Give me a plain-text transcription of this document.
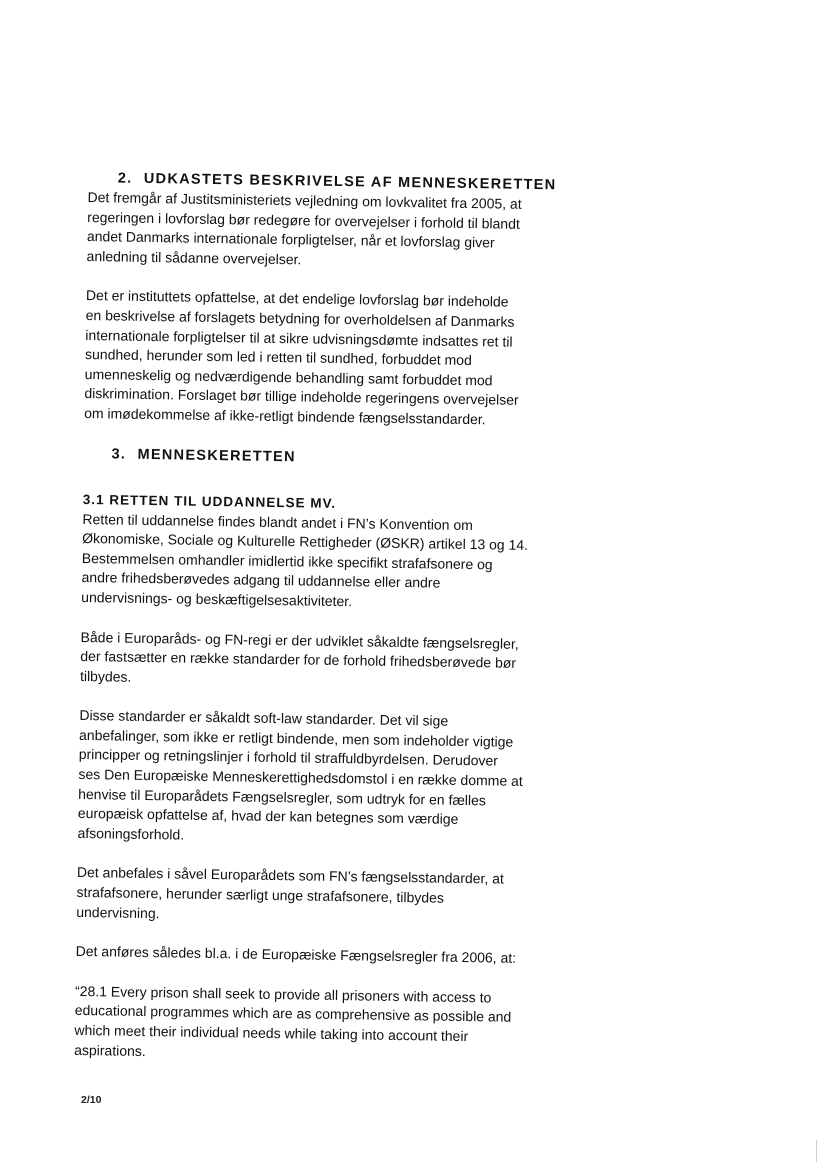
2. UDKASTETS BESKRIVELSE AF MENNESKERETTEN

Det fremgår af Justitsministeriets vejledning om lovkvalitet fra 2005, at
regeringen i lovforslag bør redegøre for overvejelser i forhold til blandt
andet Danmarks internationale forpligtelser, når et lovforslag giver
anledning til sådanne overvejelser.

Det er instituttets opfattelse, at det endelige lovforslag bør indeholde
en beskrivelse af forslagets betydning for overholdelsen af Danmarks
internationale forpligtelser til at sikre udvisningsdømte indsattes ret til
sundhed, herunder som led i retten til sundhed, forbuddet mod
umenneskelig og nedværdigende behandling samt forbuddet mod
diskrimination. Forslaget bør tillige indeholde regeringens overvejelser
om imødekommelse af ikke-retligt bindende fængselsstandarder.

3. MENNESKERETTEN
3.1 RETTEN TIL UDDANNELSE MV.

Retten til uddannelse findes blandt andet i FN’s Konvention om
Økonomiske, Sociale og Kulturelle Rettigheder (ØSKR) artikel 13 og 14.
Bestemmelsen omhandler imidlertid ikke specifikt strafafsonere og
andre frihedsberøvedes adgang til uddannelse eller andre
undervisnings- og beskæftigelsesaktiviteter.

Både i Europaråds- og FN-regi er der udviklet såkaldte fængselsregler,
der fastsætter en række standarder for de forhold frihedsberøvede bør
tilbydes.

Disse standarder er såkaldt soft-law standarder. Det vil sige
anbefalinger, som ikke er retligt bindende, men som indeholder vigtige
principper og retningslinjer i forhold til straffuldbyrdelsen. Derudover
ses Den Europæiske Menneskerettighedsdomstol i en række domme at
henvise til Europarådets Fængselsregler, som udtryk for en fælles
europæisk opfattelse af, hvad der kan betegnes som værdige
afsoningsforhold.

Det anbefales i såvel Europarådets som FN’s fængselsstandarder, at
strafafsonere, herunder særligt unge strafafsonere, tilbydes
undervisning.

Det anføres således bl.a. i de Europæiske Fængselsregler fra 2006, at:

“28.1 Every prison shall seek to provide all prisoners with access to
educational programmes which are as comprehensive as possible and
which meet their individual needs while taking into account their
aspirations.

2/10
